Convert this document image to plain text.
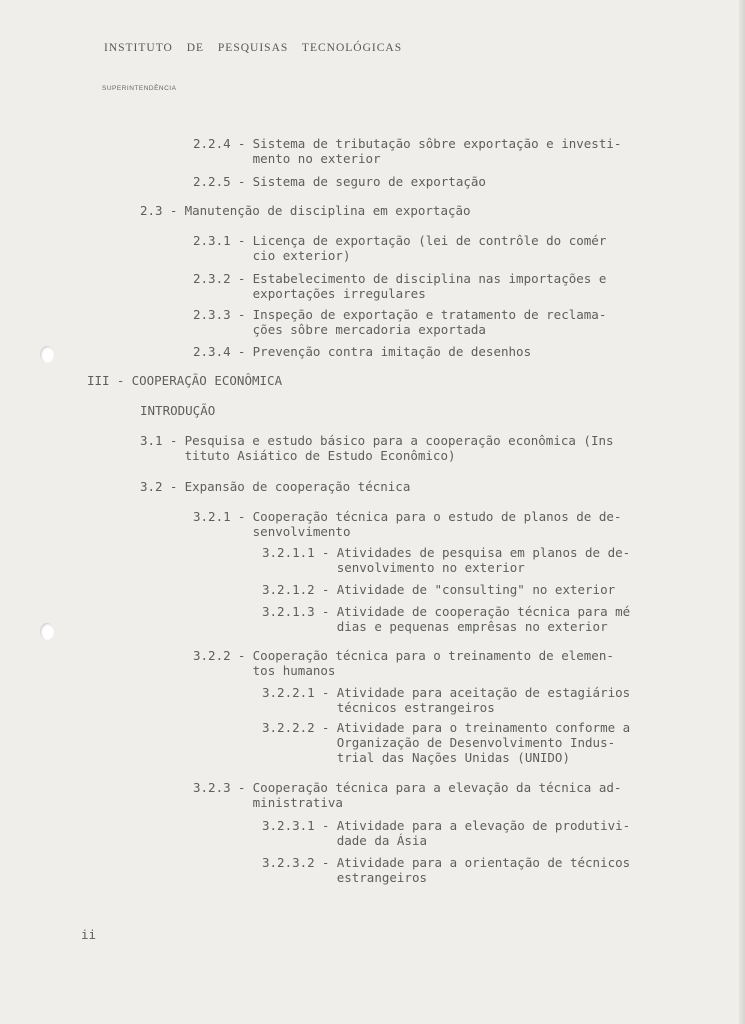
INSTITUTO DE PESQUISAS TECNOLÓGICAS
SUPERINTENDÊNCIA
2.2.4 - Sistema de tributação sôbre exportação e investi-
mento no exterior
2.2.5 - Sistema de seguro de exportação
2.3 - Manutenção de disciplina em exportação
2.3.1 - Licença de exportação (lei de contrôle do comér
cio exterior)
2.3.2 - Estabelecimento de disciplina nas importações e
exportações irregulares
2.3.3 - Inspeção de exportação e tratamento de reclama-
ções sôbre mercadoria exportada
2.3.4 - Prevenção contra imitação de desenhos
III - COOPERAÇÃO ECONÔMICA
INTRODUÇÃO
3.1 - Pesquisa e estudo básico para a cooperação econômica (Ins
tituto Asiático de Estudo Econômico)
3.2 - Expansão de cooperação técnica
3.2.1 - Cooperação técnica para o estudo de planos de de-
senvolvimento
3.2.1.1 - Atividades de pesquisa em planos de de-
senvolvimento no exterior
3.2.1.2 - Atividade de "consulting" no exterior
3.2.1.3 - Atividade de cooperação técnica para mé
dias e pequenas emprêsas no exterior
3.2.2 - Cooperação técnica para o treinamento de elemen-
tos humanos
3.2.2.1 - Atividade para aceitação de estagiários
técnicos estrangeiros
3.2.2.2 - Atividade para o treinamento conforme a
Organização de Desenvolvimento Indus-
trial das Nações Unidas (UNIDO)
3.2.3 - Cooperação técnica para a elevação da técnica ad-
ministrativa
3.2.3.1 - Atividade para a elevação de produtivi-
dade da Ásia
3.2.3.2 - Atividade para a orientação de técnicos
estrangeiros
ii
